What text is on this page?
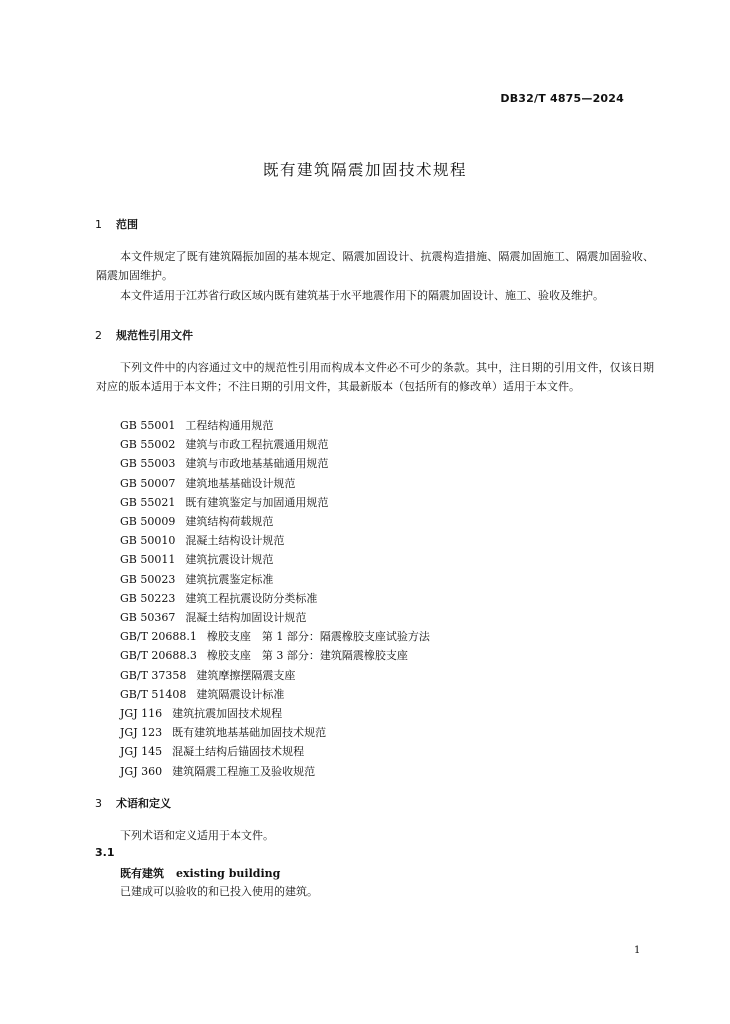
DB32/T 4875—2024
既有建筑隔震加固技术规程
1 范围
本文件规定了既有建筑隔振加固的基本规定、隔震加固设计、抗震构造措施、隔震加固施工、隔震加固验收、隔震加固维护。
本文件适用于江苏省行政区域内既有建筑基于水平地震作用下的隔震加固设计、施工、验收及维护。
2 规范性引用文件
下列文件中的内容通过文中的规范性引用而构成本文件必不可少的条款。其中，注日期的引用文件，仅该日期对应的版本适用于本文件；不注日期的引用文件，其最新版本（包括所有的修改单）适用于本文件。
GB 55001 工程结构通用规范
GB 55002 建筑与市政工程抗震通用规范
GB 55003 建筑与市政地基基础通用规范
GB 50007 建筑地基基础设计规范
GB 55021 既有建筑鉴定与加固通用规范
GB 50009 建筑结构荷载规范
GB 50010 混凝土结构设计规范
GB 50011 建筑抗震设计规范
GB 50023 建筑抗震鉴定标准
GB 50223 建筑工程抗震设防分类标准
GB 50367 混凝土结构加固设计规范
GB/T 20688.1 橡胶支座　第 1 部分：隔震橡胶支座试验方法
GB/T 20688.3 橡胶支座　第 3 部分：建筑隔震橡胶支座
GB/T 37358 建筑摩擦摆隔震支座
GB/T 51408 建筑隔震设计标准
JGJ 116 建筑抗震加固技术规程
JGJ 123 既有建筑地基基础加固技术规范
JGJ 145 混凝土结构后锚固技术规程
JGJ 360 建筑隔震工程施工及验收规范
3 术语和定义
下列术语和定义适用于本文件。
3.1
既有建筑 existing building
已建成可以验收的和已投入使用的建筑。
1
